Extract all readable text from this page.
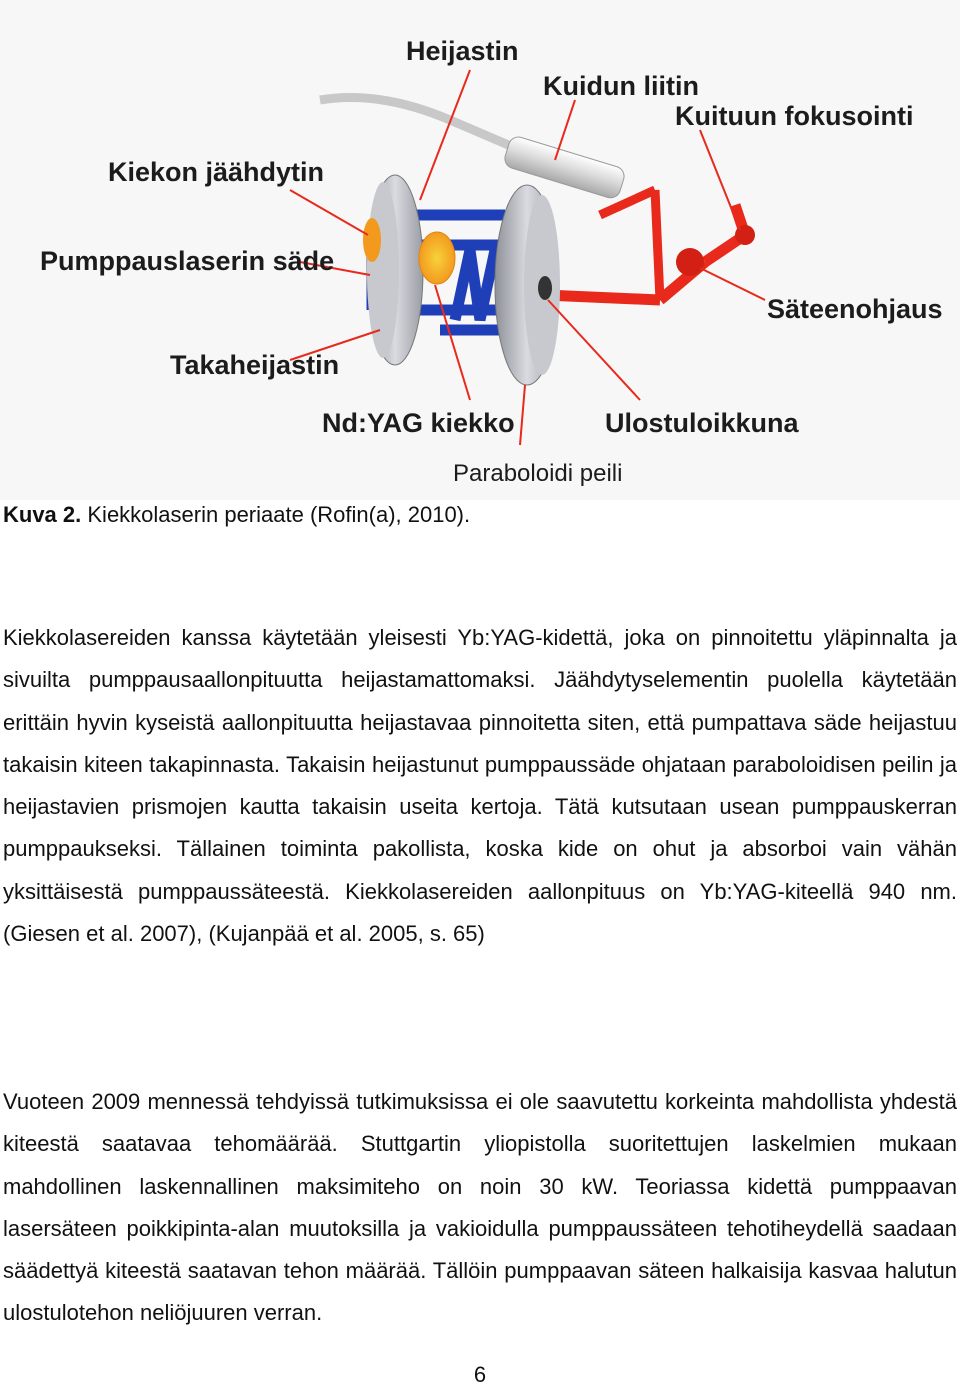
Heijastin
Kuidun liitin
Kuituun fokusointi
Kiekon jäähdytin
Pumppauslaserin säde
Säteenohjaus
Takaheijastin
Nd:YAG kiekko	Ulostuloikkuna
Paraboloidi peili
Kuva 2. Kiekkolaserin periaate (Rofin(a), 2010).

Kiekkolasereiden kanssa käytetään yleisesti Yb:YAG-kidettä, joka on pinnoitettu yläpinnalta ja sivuilta pumppausaallonpituutta heijastamattomaksi. Jäähdytyselementin puolella käytetään erittäin hyvin kyseistä aallonpituutta heijastavaa pinnoitetta siten, että pumpattava säde heijastuu takaisin kiteen takapinnasta. Takaisin heijastunut pumppaussäde ohjataan paraboloidisen peilin ja heijastavien prismojen kautta takaisin useita kertoja. Tätä kutsutaan usean pumppauskerran pumppaukseksi. Tällainen toiminta pakollista, koska kide on ohut ja absorboi vain vähän yksittäisestä pumppaussäteestä. Kiekkolasereiden aallonpituus on Yb:YAG-kiteellä 940 nm. (Giesen et al. 2007), (Kujanpää et al. 2005, s. 65)

Vuoteen 2009 mennessä tehdyissä tutkimuksissa ei ole saavutettu korkeinta mahdollista yhdestä kiteestä saatavaa tehomäärää. Stuttgartin yliopistolla suoritettujen laskelmien mukaan mahdollinen laskennallinen maksimiteho on noin 30 kW. Teoriassa kidettä pumppaavan lasersäteen poikkipinta-alan muutoksilla ja vakioidulla pumppaussäteen tehotiheydellä saadaan säädettyä kiteestä saatavan tehon määrää. Tällöin pumppaavan säteen halkaisija kasvaa halutun ulostulotehon neliöjuuren verran.

6
